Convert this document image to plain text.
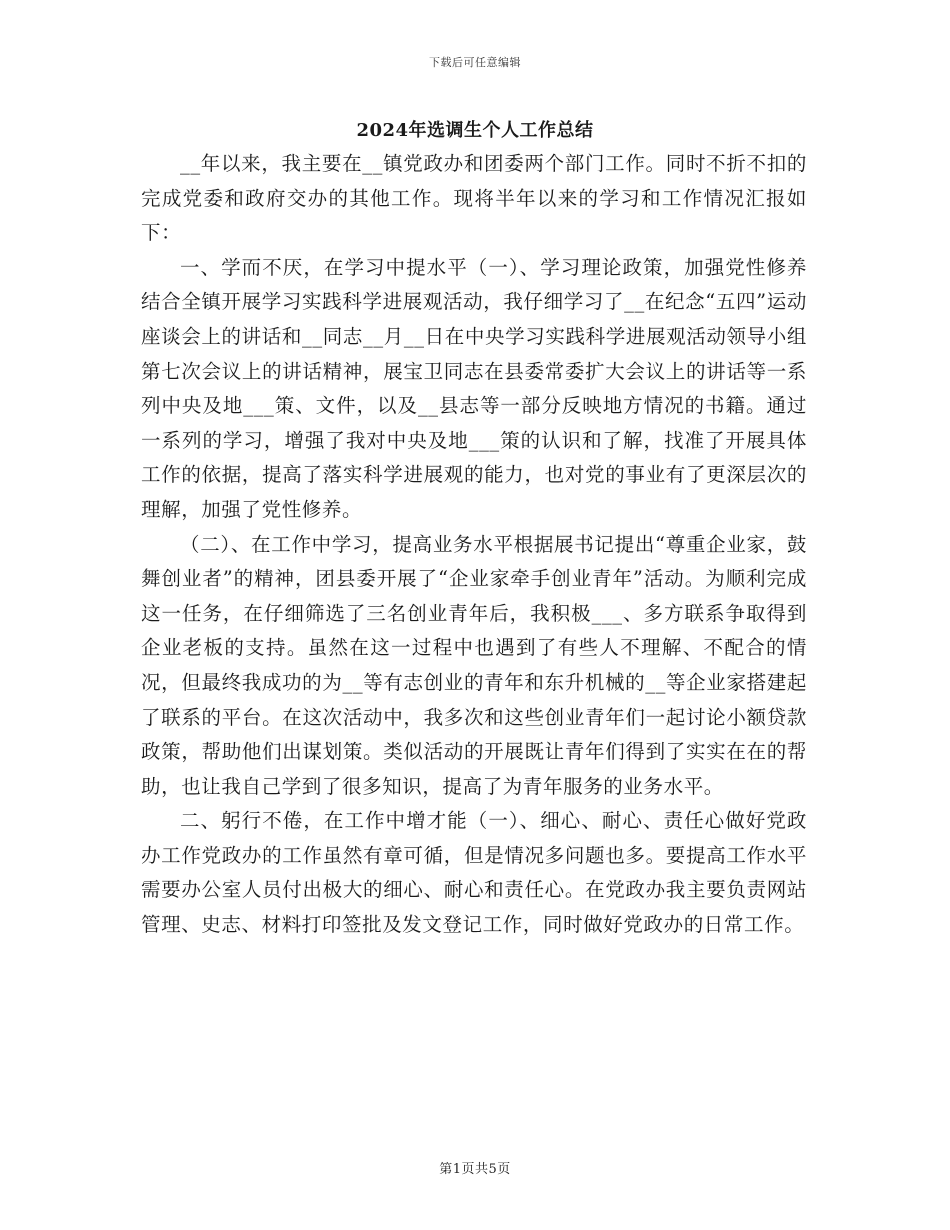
下载后可任意编辑
2024年选调生个人工作总结

__年以来，我主要在__镇党政办和团委两个部门工作。同时不折不扣的完成党委和政府交办的其他工作。现将半年以来的学习和工作情况汇报如下：

一、学而不厌，在学习中提水平（一）、学习理论政策，加强党性修养结合全镇开展学习实践科学进展观活动，我仔细学习了__在纪念“五四”运动座谈会上的讲话和__同志__月__日在中央学习实践科学进展观活动领导小组第七次会议上的讲话精神，展宝卫同志在县委常委扩大会议上的讲话等一系列中央及地___策、文件，以及__县志等一部分反映地方情况的书籍。通过一系列的学习，增强了我对中央及地___策的认识和了解，找准了开展具体工作的依据，提高了落实科学进展观的能力，也对党的事业有了更深层次的理解，加强了党性修养。

（二）、在工作中学习，提高业务水平根据展书记提出“尊重企业家，鼓舞创业者”的精神，团县委开展了“企业家牵手创业青年”活动。为顺利完成这一任务，在仔细筛选了三名创业青年后，我积极___、多方联系争取得到企业老板的支持。虽然在这一过程中也遇到了有些人不理解、不配合的情况，但最终我成功的为__等有志创业的青年和东升机械的__等企业家搭建起了联系的平台。在这次活动中，我多次和这些创业青年们一起讨论小额贷款政策，帮助他们出谋划策。类似活动的开展既让青年们得到了实实在在的帮助，也让我自己学到了很多知识，提高了为青年服务的业务水平。

二、躬行不倦，在工作中增才能（一）、细心、耐心、责任心做好党政办工作党政办的工作虽然有章可循，但是情况多问题也多。要提高工作水平需要办公室人员付出极大的细心、耐心和责任心。在党政办我主要负责网站管理、史志、材料打印签批及发文登记工作，同时做好党政办的日常工作。

第1页共5页
